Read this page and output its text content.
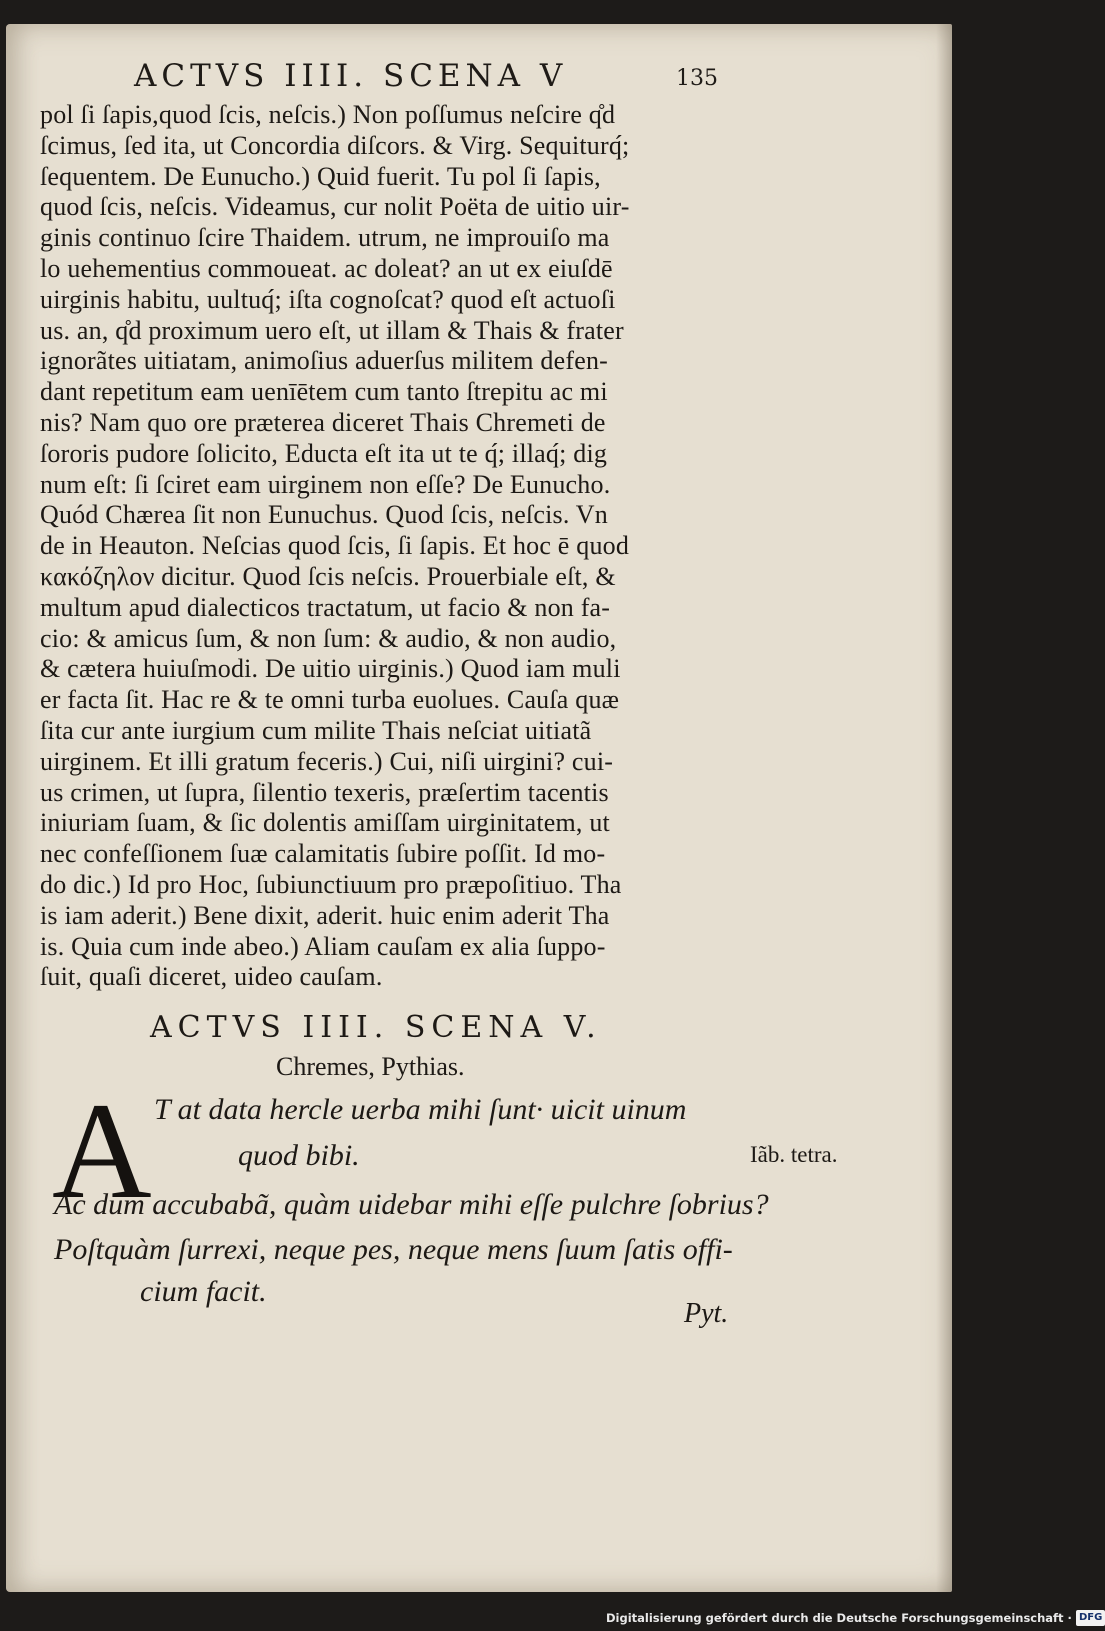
ACTVS IIII. SCENA V	135
pol ſi ſapis,quod ſcis, neſcis.) Non poſſumus neſcire q̊d
ſcimus, ſed ita, ut Concordia diſcors. & Virg. Sequiturq́;
ſequentem. De Eunucho.) Quid fuerit. Tu pol ſi ſapis,
quod ſcis, neſcis. Videamus, cur nolit Poëta de uitio uir-
ginis continuo ſcire Thaidem. utrum, ne improuiſo ma
lo uehementius commoueat. ac doleat? an ut ex eiuſdē
uirginis habitu, uultuq́; iſta cognoſcat? quod eſt actuoſi
us. an, q̊d proximum uero eſt, ut illam & Thais & frater
ignorãtes uitiatam, animoſius aduerſus militem defen-
dant repetitum eam uenīētem cum tanto ſtrepitu ac mi
nis? Nam quo ore præterea diceret Thais Chremeti de
ſororis pudore ſolicito, Educta eſt ita ut te q́; illaq́; dig
num eſt: ſi ſciret eam uirginem non eſſe? De Eunucho.
Quód Chærea ſit non Eunuchus. Quod ſcis, neſcis. Vn
de in Heauton. Neſcias quod ſcis, ſi ſapis. Et hoc ē quod
κακόζηλον dicitur. Quod ſcis neſcis. Prouerbiale eſt, &
multum apud dialecticos tractatum, ut facio & non fa-
cio: & amicus ſum, & non ſum: & audio, & non audio,
& cætera huiuſmodi. De uitio uirginis.) Quod iam muli
er facta ſit. Hac re & te omni turba euolues. Cauſa quæ
ſita cur ante iurgium cum milite Thais neſciat uitiatã
uirginem. Et illi gratum feceris.) Cui, niſi uirgini? cui-
us crimen, ut ſupra, ſilentio texeris, præſertim tacentis
iniuriam ſuam, & ſic dolentis amiſſam uirginitatem, ut
nec confeſſionem ſuæ calamitatis ſubire poſſit. Id mo-
do dic.) Id pro Hoc, ſubiunctiuum pro præpoſitiuo. Tha
is iam aderit.) Bene dixit, aderit. huic enim aderit Tha
is. Quia cum inde abeo.) Aliam cauſam ex alia ſuppo-
ſuit, quaſi diceret, uideo cauſam.
ACTVS IIII. SCENA V.
Chremes, Pythias.
A T at data hercle uerba mihi ſunt· uicit uinum
quod bibi.
Ac dum accubabã, quàm uidebar mihi eſſe pulchre ſobrius?
Poſtquàm ſurrexi, neque pes, neque mens ſuum ſatis offi-
cium facit.
Iãb. tetra.
Pyt.
Digitalisierung gefördert durch die Deutsche Forschungsgemeinschaft · DFG
